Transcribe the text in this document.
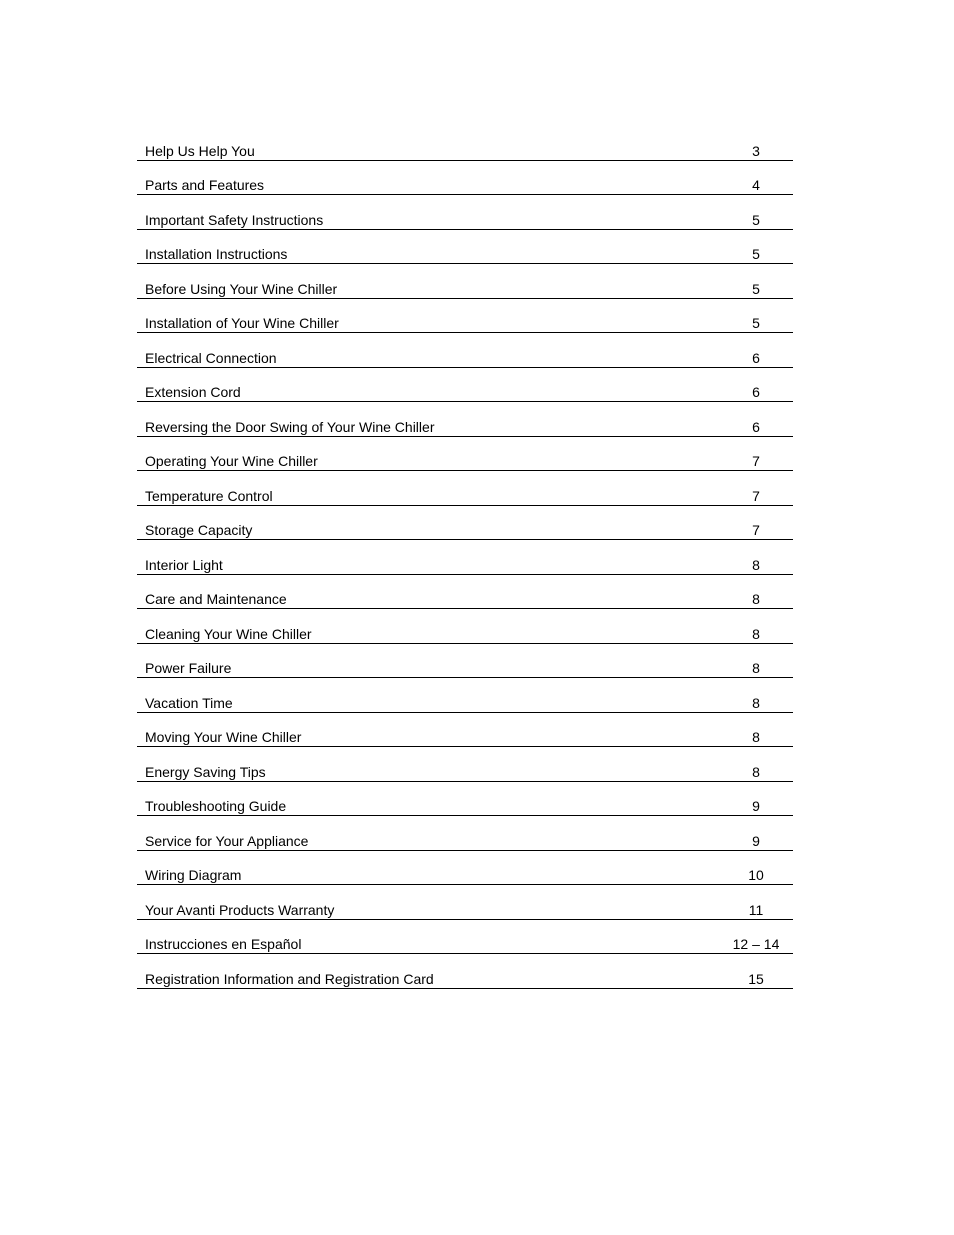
Help Us Help You	3
Parts and Features	4
Important Safety Instructions	5
Installation Instructions	5
Before Using Your Wine Chiller	5
Installation of Your Wine Chiller	5
Electrical Connection	6
Extension Cord	6
Reversing the Door Swing of Your Wine Chiller	6
Operating Your Wine Chiller	7
Temperature Control	7
Storage Capacity	7
Interior Light	8
Care and Maintenance	8
Cleaning Your Wine Chiller	8
Power Failure	8
Vacation Time	8
Moving Your Wine Chiller	8
Energy Saving Tips	8
Troubleshooting Guide	9
Service for Your Appliance	9
Wiring Diagram	10
Your Avanti Products Warranty	11
Instrucciones en Español	12 – 14
Registration Information and Registration Card	15
